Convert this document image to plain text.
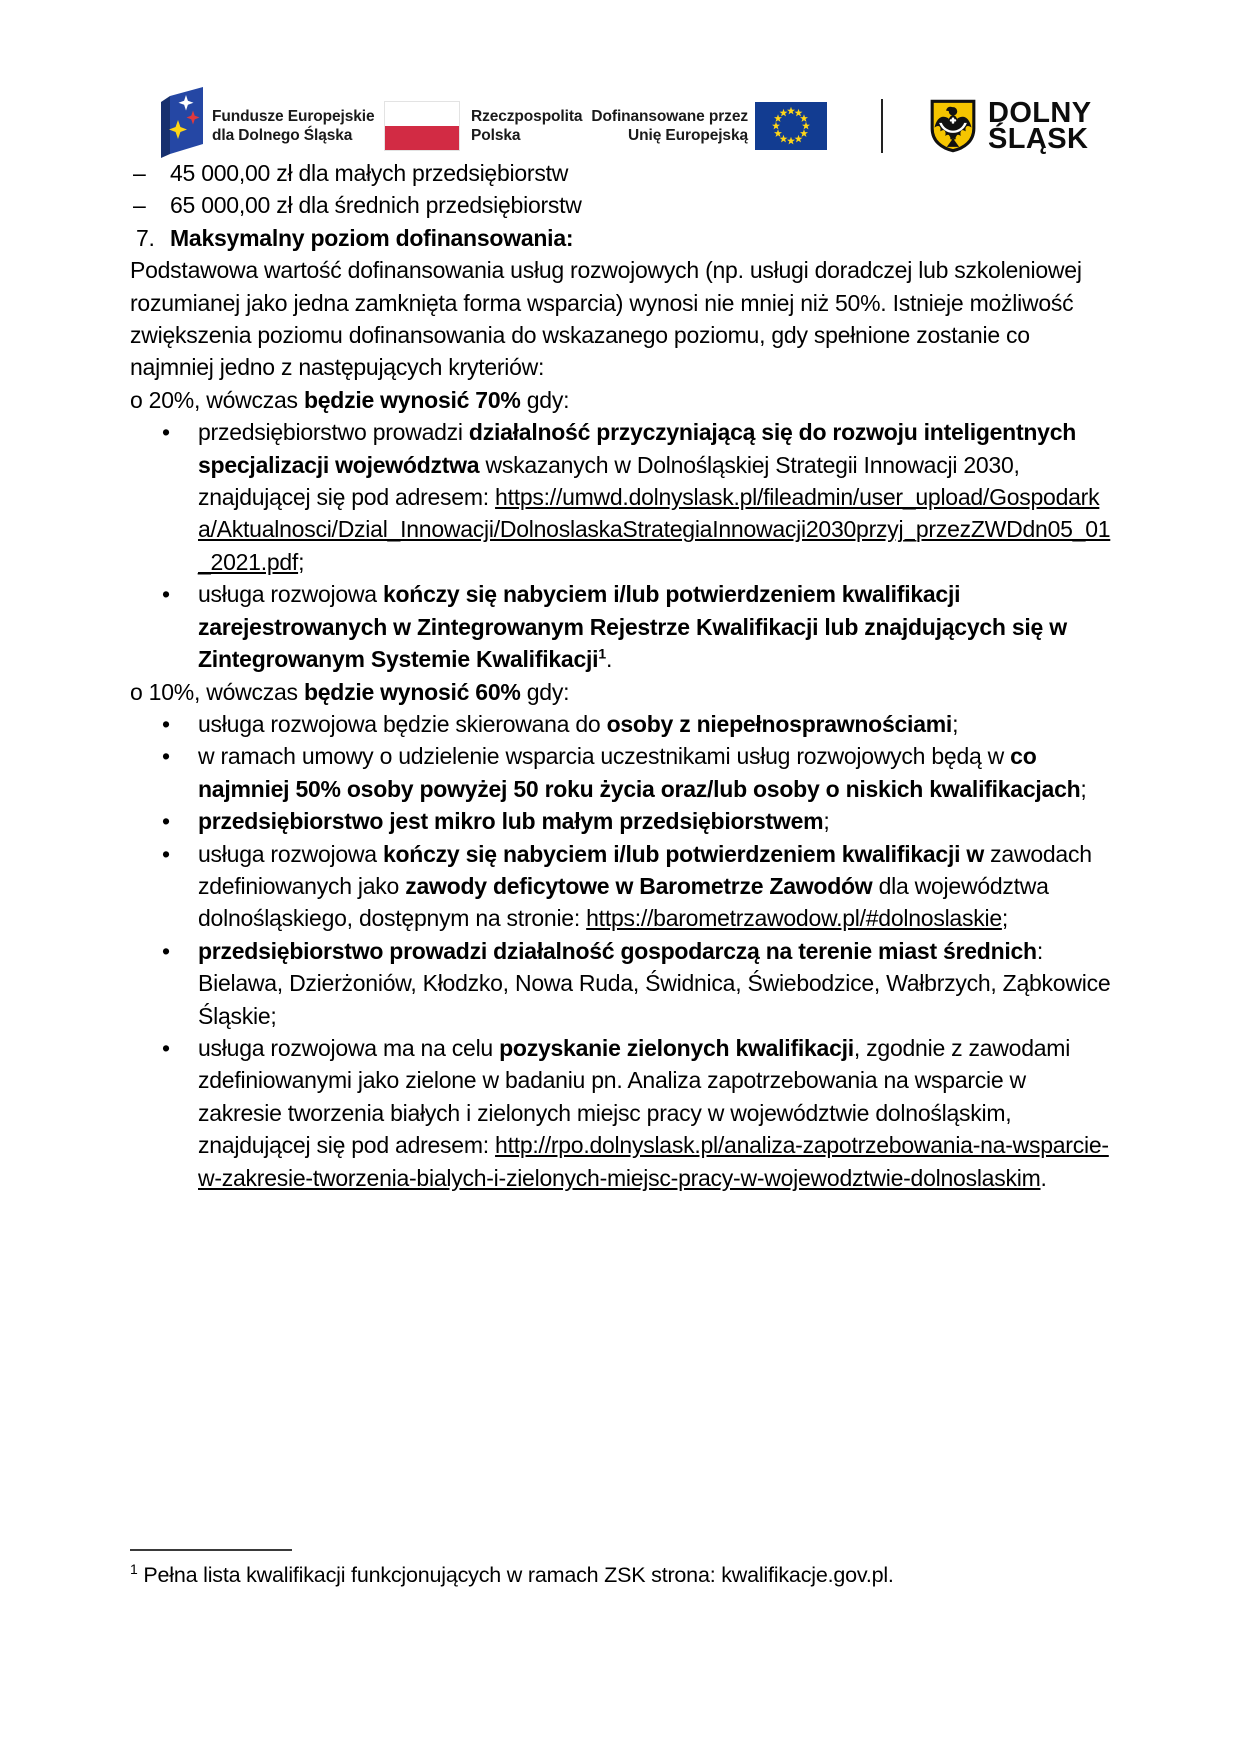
Fundusze Europejskie
dla Dolnego Śląska
Rzeczpospolita
Polska
Dofinansowane przez
Unię Europejską
DOLNY
ŚLĄSK
– 45 000,00 zł dla małych przedsiębiorstw
– 65 000,00 zł dla średnich przedsiębiorstw
7. Maksymalny poziom dofinansowania:
Podstawowa wartość dofinansowania usług rozwojowych (np. usługi doradczej lub szkoleniowej rozumianej jako jedna zamknięta forma wsparcia) wynosi nie mniej niż 50%. Istnieje możliwość zwiększenia poziomu dofinansowania do wskazanego poziomu, gdy spełnione zostanie co najmniej jedno z następujących kryteriów:
o 20%, wówczas będzie wynosić 70% gdy:
• przedsiębiorstwo prowadzi działalność przyczyniającą się do rozwoju inteligentnych specjalizacji województwa wskazanych w Dolnośląskiej Strategii Innowacji 2030, znajdującej się pod adresem: https://umwd.dolnyslask.pl/fileadmin/user_upload/Gospodarka/Aktualnosci/Dzial_Innowacji/DolnoslaskaStrategiaInnowacji2030przyj_przezZWDdn05_01_2021.pdf;
• usługa rozwojowa kończy się nabyciem i/lub potwierdzeniem kwalifikacji zarejestrowanych w Zintegrowanym Rejestrze Kwalifikacji lub znajdujących się w Zintegrowanym Systemie Kwalifikacji$^1$.
o 10%, wówczas będzie wynosić 60% gdy:
• usługa rozwojowa będzie skierowana do osoby z niepełnosprawnościami;
• w ramach umowy o udzielenie wsparcia uczestnikami usług rozwojowych będą w co najmniej 50% osoby powyżej 50 roku życia oraz/lub osoby o niskich kwalifikacjach;
• przedsiębiorstwo jest mikro lub małym przedsiębiorstwem;
• usługa rozwojowa kończy się nabyciem i/lub potwierdzeniem kwalifikacji w zawodach zdefiniowanych jako zawody deficytowe w Barometrze Zawodów dla województwa dolnośląskiego, dostępnym na stronie: https://barometrzawodow.pl/#dolnoslaskie;
• przedsiębiorstwo prowadzi działalność gospodarczą na terenie miast średnich: Bielawa, Dzierżoniów, Kłodzko, Nowa Ruda, Świdnica, Świebodzice, Wałbrzych, Ząbkowice Śląskie;
• usługa rozwojowa ma na celu pozyskanie zielonych kwalifikacji, zgodnie z zawodami zdefiniowanymi jako zielone w badaniu pn. Analiza zapotrzebowania na wsparcie w zakresie tworzenia białych i zielonych miejsc pracy w województwie dolnośląskim, znajdującej się pod adresem: http://rpo.dolnyslask.pl/analiza-zapotrzebowania-na-wsparcie-w-zakresie-tworzenia-bialych-i-zielonych-miejsc-pracy-w-wojewodztwie-dolnoslaskim.
$^1$ Pełna lista kwalifikacji funkcjonujących w ramach ZSK strona: kwalifikacje.gov.pl.
